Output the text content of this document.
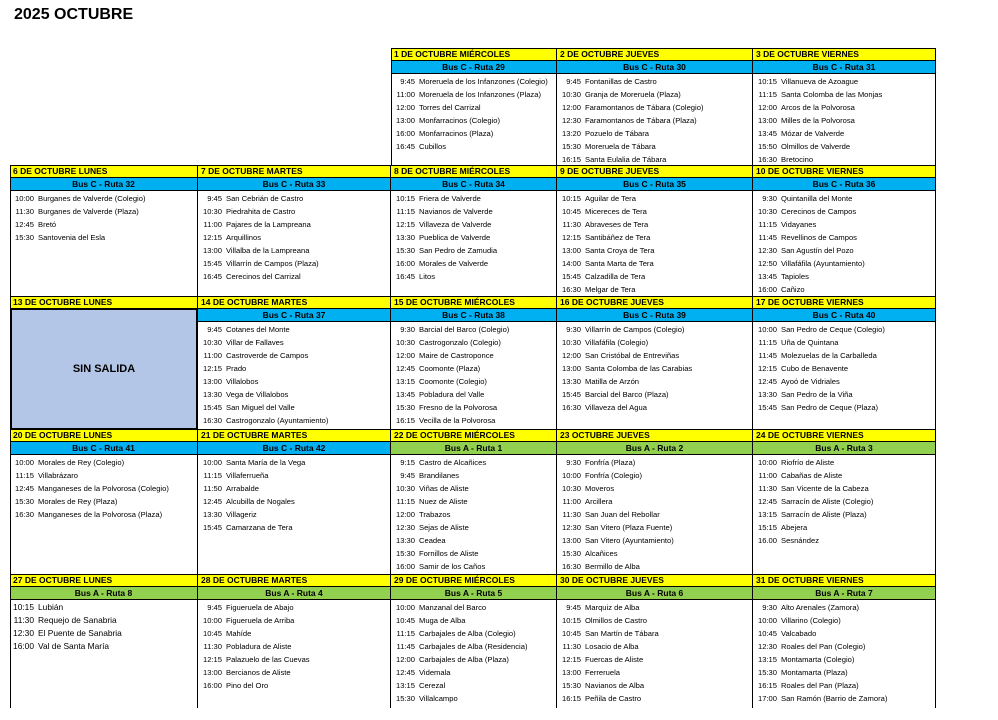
2025 OCTUBRE
1 DE OCTUBRE MIÉRCOLES
Bus C - Ruta 29
9:45 Moreruela de los Infanzones (Colegio)
11:00 Moreruela de los Infanzones (Plaza)
12:00 Torres del Carrizal
13:00 Monfarracinos (Colegio)
16:00 Monfarracinos (Plaza)
16:45 Cubillos
2 DE OCTUBRE JUEVES
Bus C - Ruta 30
9:45 Fontanillas de Castro
10:30 Granja de Moreruela (Plaza)
12:00 Faramontanos de Tábara (Colegio)
12:30 Faramontanos de Tábara (Plaza)
13:20 Pozuelo de Tábara
15:30 Moreruela de Tábara
16:15 Santa Eulalia de Tábara
3 DE OCTUBRE VIERNES
Bus C - Ruta 31
10:15 Villanueva de Azoague
11:15 Santa Colomba de las Monjas
12:00 Arcos de la Polvorosa
13:00 Milles de la Polvorosa
13:45 Mózar de Valverde
15:50 Olmillos de Valverde
16:30 Bretocino
6 DE OCTUBRE LUNES
Bus C - Ruta 32
10:00 Burganes de Valverde (Colegio)
11:30 Burganes de Valverde (Plaza)
12:45 Bretó
15:30 Santovenia del Esla
7 DE OCTUBRE MARTES
Bus C - Ruta 33
9:45 San Cebrián de Castro
10:30 Piedrahita de Castro
11:00 Pajares de la Lampreana
12:15 Arquillinos
13:00 Villalba de la Lampreana
15:45 Villarrín de Campos (Plaza)
16:45 Cerecinos del Carrizal
8 DE OCTUBRE MIÉRCOLES
Bus C - Ruta 34
10:15 Friera de Valverde
11:15 Navianos de Valverde
12:15 Villaveza de Valverde
13:30 Pueblica de Valverde
15:30 San Pedro de Zamudia
16:00 Morales de Valverde
16:45 Litos
9 DE OCTUBRE JUEVES
Bus C - Ruta 35
10:15 Aguilar de Tera
10:45 Micereces de Tera
11:30 Abraveses de Tera
12:15 Santibáñez de Tera
13:00 Santa Croya de Tera
14:00 Santa Marta de Tera
15:45 Calzadilla de Tera
16:30 Melgar de Tera
10 DE OCTUBRE VIERNES
Bus C - Ruta 36
9:30 Quintanilla del Monte
10:30 Cerecinos de Campos
11:15 Vidayanes
11:45 Revellinos de Campos
12:30 San Agustín del Pozo
12:50 Villafáfila (Ayuntamiento)
13:45 Tapioles
16:00 Cañizo
13 DE OCTUBRE LUNES	14 DE OCTUBRE MARTES
Bus C - Ruta 37
9:45 Cotanes del Monte
10:30 Villar de Fallaves
11:00 Castroverde de Campos
12:15 Prado
13:00 Villalobos
13:30 Vega de Villalobos
15:45 San Miguel del Valle
16:30 Castrogonzalo (Ayuntamiento)
15 DE OCTUBRE MIÉRCOLES
Bus C - Ruta 38
9:30 Barcial del Barco (Colegio)
10:30 Castrogonzalo (Colegio)
12:00 Maire de Castroponce
12:45 Coomonte (Plaza)
13:15 Coomonte (Colegio)
13:45 Pobladura del Valle
15:30 Fresno de la Polvorosa
16:15 Vecilla de la Polvorosa
16 DE OCTUBRE JUEVES
Bus C - Ruta 39
9:30 Villarrín de Campos (Colegio)
10:30 Villafáfila (Colegio)
12:00 San Cristóbal de Entreviñas
13:00 Santa Colomba de las Carabias
13:30 Matilla de Arzón
15:45 Barcial del Barco (Plaza)
16:30 Villaveza del Agua
17 DE OCTUBRE VIERNES
Bus C - Ruta 40
10:00 San Pedro de Ceque (Colegio)
11:15 Uña de Quintana
11:45 Molezuelas de la Carballeda
12:15 Cubo de Benavente
12:45 Ayoó de Vidriales
13:30 San Pedro de la Viña
15:45 San Pedro de Ceque (Plaza)
SIN SALIDA
20 DE OCTUBRE LUNES
Bus C - Ruta 41
10:00 Morales de Rey (Colegio)
11:15 Villabrázaro
12:45 Manganeses de la Polvorosa (Colegio)
15:30 Morales de Rey (Plaza)
16:30 Manganeses de la Polvorosa (Plaza)
21 DE OCTUBRE MARTES
Bus C - Ruta 42
10:00 Santa María de la Vega
11:15 Villaferrueña
11:50 Arrabalde
12:45 Alcubilla de Nogales
13:30 Villageriz
15:45 Camarzana de Tera
22 DE OCTUBRE MIÉRCOLES
Bus A - Ruta 1
9:15 Castro de Alcañices
9:45 Brandilanes
10:30 Viñas de Aliste
11:15 Nuez de Aliste
12:00 Trabazos
12:30 Sejas de Aliste
13:30 Ceadea
15:30 Fornillos de Aliste
16:00 Samir de los Caños
23 OCTUBRE JUEVES
Bus A - Ruta 2
9:30 Fonfría (Plaza)
10:00 Fonfría (Colegio)
10:30 Moveros
11:00 Arcillera
11:30 San Juan del Rebollar
12:30 San Vitero (Plaza Fuente)
13:00 San Vitero (Ayuntamiento)
15:30 Alcañices
16:30 Bermillo de Alba
24 DE OCTUBRE VIERNES
Bus A - Ruta 3
10:00 Riofrío de Aliste
11:00 Cabañas de Aliste
11:30 San Vicente de la Cabeza
12:45 Sarracín de Aliste (Colegio)
13:15 Sarracín de Aliste (Plaza)
15:15 Abejera
16.00 Sesnández
27 DE OCTUBRE LUNES
Bus A - Ruta 8
10:15 Lubián
11:30 Requejo de Sanabria
12:30 El Puente de Sanabria
16:00 Val de Santa María
28 DE OCTUBRE MARTES
Bus A - Ruta 4
9:45 Figueruela de Abajo
10:00 Figueruela de Arriba
10:45 Mahíde
11:30 Pobladura de Aliste
12:15 Palazuelo de las Cuevas
13:00 Bercianos de Aliste
16:00 Pino del Oro
29 DE OCTUBRE MIÉRCOLES
Bus A - Ruta 5
10:00 Manzanal del Barco
10:45 Muga de Alba
11:15 Carbajales de Alba (Colegio)
11:45 Carbajales de Alba (Residencia)
12:00 Carbajales de Alba (Plaza)
12:45 Videmala
13:15 Cerezal
15:30 Villalcampo
30 DE OCTUBRE JUEVES
Bus A - Ruta 6
9:45 Marquiz de Alba
10:15 Olmillos de Castro
10:45 San Martín de Tábara
11:30 Losacio de Alba
12:15 Fuercas de Aliste
13:00 Ferreruela
15:30 Navianos de Alba
16:15 Peñila de Castro
31 DE OCTUBRE VIERNES
Bus A - Ruta 7
9:30 Alto Arenales (Zamora)
10:00 Villarino (Colegio)
10:45 Valcabado
12:30 Roales del Pan (Colegio)
13:15 Montamarta (Colegio)
15:30 Montamarta (Plaza)
16:15 Roales del Pan (Plaza)
17:00 San Ramón (Barrio de Zamora)
